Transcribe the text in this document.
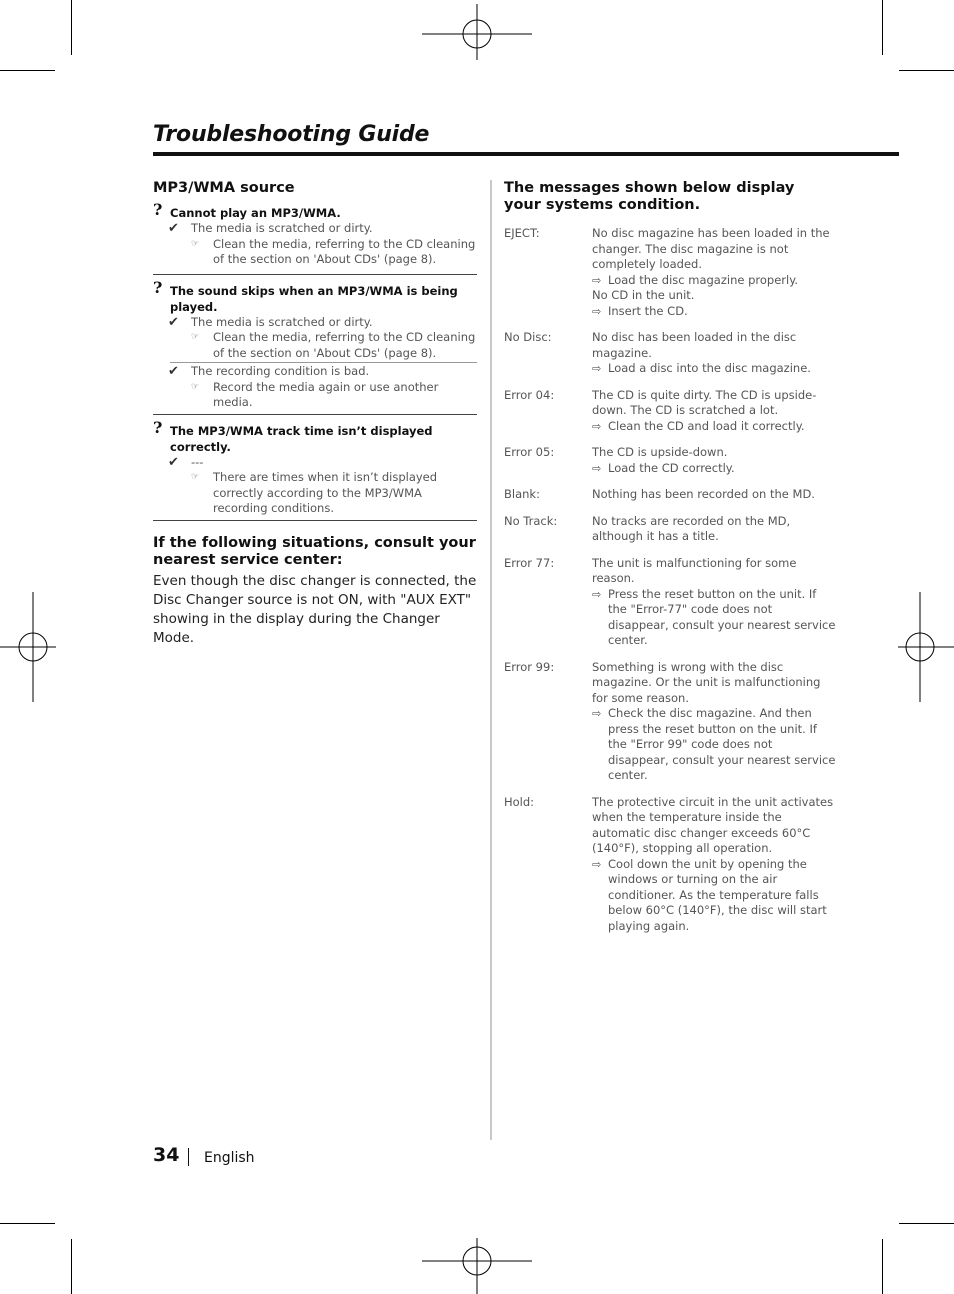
Troubleshooting Guide
MP3/WMA source
? Cannot play an MP3/WMA.
✔ The media is scratched or dirty.
☞ Clean the media, referring to the CD cleaning of the section on 'About CDs' (page 8).
? The sound skips when an MP3/WMA is being played.
✔ The media is scratched or dirty.
☞ Clean the media, referring to the CD cleaning of the section on 'About CDs' (page 8).
✔ The recording condition is bad.
☞ Record the media again or use another media.
? The MP3/WMA track time isn’t displayed correctly.
✔ ---
☞ There are times when it isn’t displayed correctly according to the MP3/WMA recording conditions.
If the following situations, consult your nearest service center:
Even though the disc changer is connected, the Disc Changer source is not ON, with "AUX EXT" showing in the display during the Changer Mode.
The messages shown below display your systems condition.
EJECT:	No disc magazine has been loaded in the changer. The disc magazine is not completely loaded.
⇨ Load the disc magazine properly.
No CD in the unit.
⇨ Insert the CD.
No Disc:	No disc has been loaded in the disc magazine.
⇨ Load a disc into the disc magazine.
Error 04:	The CD is quite dirty. The CD is upside-down. The CD is scratched a lot.
⇨ Clean the CD and load it correctly.
Error 05:	The CD is upside-down.
⇨ Load the CD correctly.
Blank:	Nothing has been recorded on the MD.
No Track:	No tracks are recorded on the MD, although it has a title.
Error 77:	The unit is malfunctioning for some reason.
⇨ Press the reset button on the unit. If the "Error-77" code does not disappear, consult your nearest service center.
Error 99:	Something is wrong with the disc magazine. Or the unit is malfunctioning for some reason.
⇨ Check the disc magazine. And then press the reset button on the unit. If the "Error 99" code does not disappear, consult your nearest service center.
Hold:	The protective circuit in the unit activates when the temperature inside the automatic disc changer exceeds 60°C (140°F), stopping all operation.
⇨ Cool down the unit by opening the windows or turning on the air conditioner. As the temperature falls below 60°C (140°F), the disc will start playing again.
34 English
